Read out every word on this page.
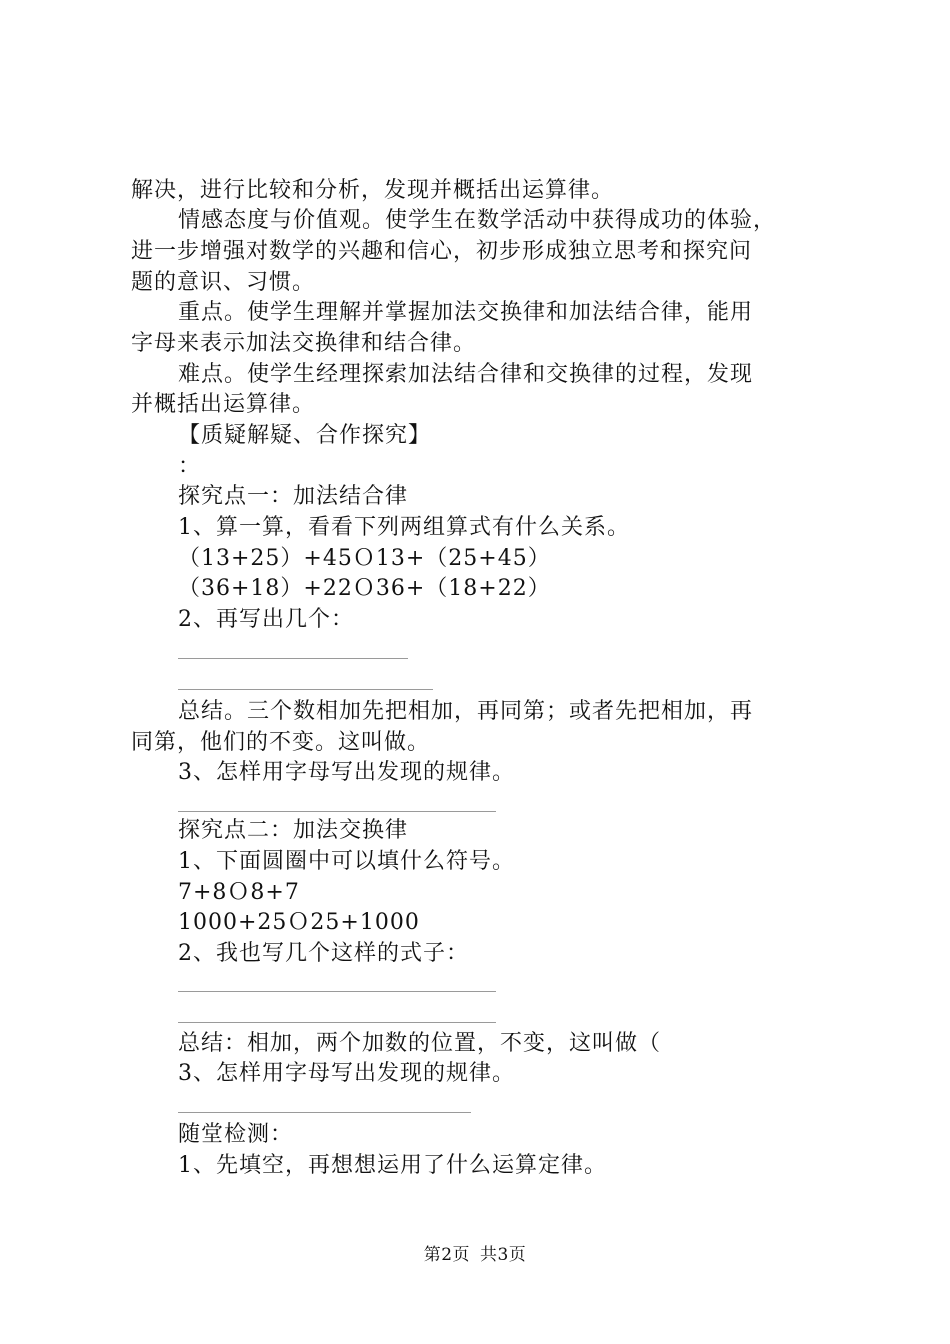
解决，进行比较和分析，发现并概括出运算律。
情感态度与价值观。使学生在数学活动中获得成功的体验，
进一步增强对数学的兴趣和信心，初步形成独立思考和探究问
题的意识、习惯。
重点。使学生理解并掌握加法交换律和加法结合律，能用
字母来表示加法交换律和结合律。
难点。使学生经理探索加法结合律和交换律的过程，发现
并概括出运算律。
【质疑解疑、合作探究】
：
探究点一：加法结合律
1、算一算，看看下列两组算式有什么关系。
（13+25）+45Ｏ13+（25+45）
（36+18）+22Ｏ36+（18+22）
2、再写出几个：
总结。三个数相加先把相加，再同第；或者先把相加，再
同第，他们的不变。这叫做。
3、怎样用字母写出发现的规律。
探究点二：加法交换律
1、下面圆圈中可以填什么符号。
7+8Ｏ8+7
1000+25Ｏ25+1000
2、我也写几个这样的式子：
总结：相加，两个加数的位置，不变，这叫做（
3、怎样用字母写出发现的规律。
随堂检测：
1、先填空，再想想运用了什么运算定律。
第2页 共3页
